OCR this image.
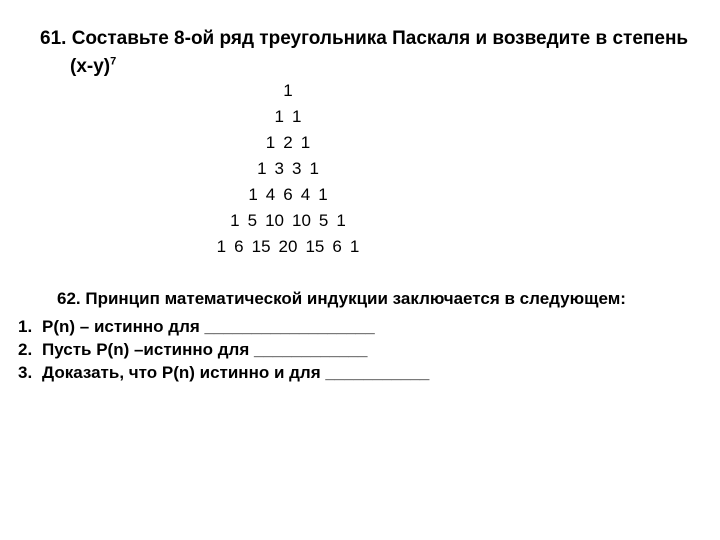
61. Составьте 8-ой ряд треугольника Паскаля и возведите в степень
$(х-у)^7$
1
1 1
1 2 1
1 3 3 1
1 4 6 4 1
1 5 10 10 5 1
1 6 15 20 15 6 1
62. Принцип математической индукции заключается в следующем:
1. Р(n) – истинно для __________________
2. Пусть Р(n) –истинно для ____________
3. Доказать, что Р(n) истинно и для ___________
